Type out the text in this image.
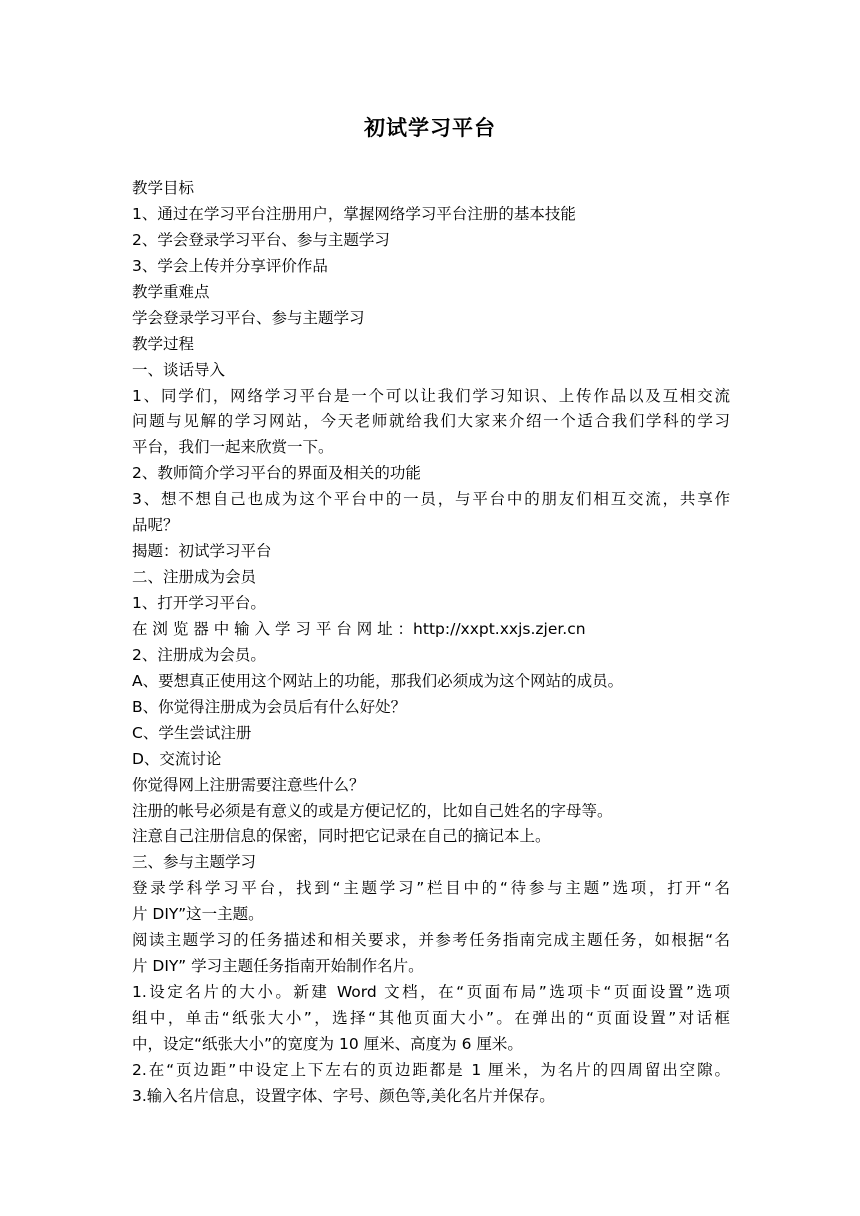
初试学习平台
教学目标
1、通过在学习平台注册用户，掌握网络学习平台注册的基本技能
2、学会登录学习平台、参与主题学习
3、学会上传并分享评价作品
教学重难点
学会登录学习平台、参与主题学习
教学过程
一、谈话导入
1、同学们，网络学习平台是一个可以让我们学习知识、上传作品以及互相交流
问题与见解的学习网站，今天老师就给我们大家来介绍一个适合我们学科的学习
平台，我们一起来欣赏一下。
2、教师简介学习平台的界面及相关的功能
3、想不想自己也成为这个平台中的一员，与平台中的朋友们相互交流，共享作
品呢？
揭题：初试学习平台
二、注册成为会员
1、打开学习平台。
在 浏 览 器 中 输 入 学 习 平 台 网 址 ：http://xxpt.xxjs.zjer.cn
2、注册成为会员。
A、要想真正使用这个网站上的功能，那我们必须成为这个网站的成员。
B、你觉得注册成为会员后有什么好处？
C、学生尝试注册
D、交流讨论
你觉得网上注册需要注意些什么？
注册的帐号必须是有意义的或是方便记忆的，比如自己姓名的字母等。
注意自己注册信息的保密，同时把它记录在自己的摘记本上。
三、参与主题学习
登录学科学习平台，找到“主题学习”栏目中的“待参与主题”选项，打开“名
片 DIY”这一主题。
阅读主题学习的任务描述和相关要求，并参考任务指南完成主题任务，如根据“名
片 DIY” 学习主题任务指南开始制作名片。
1.设定名片的大小。新建 Word 文档，在“页面布局”选项卡“页面设置”选项
组中，单击“纸张大小”，选择“其他页面大小”。在弹出的“页面设置”对话框
中，设定“纸张大小”的宽度为 10 厘米、高度为 6 厘米。
2.在“页边距”中设定上下左右的页边距都是 1 厘米，为名片的四周留出空隙。
3.输入名片信息，设置字体、字号、颜色等,美化名片并保存。
